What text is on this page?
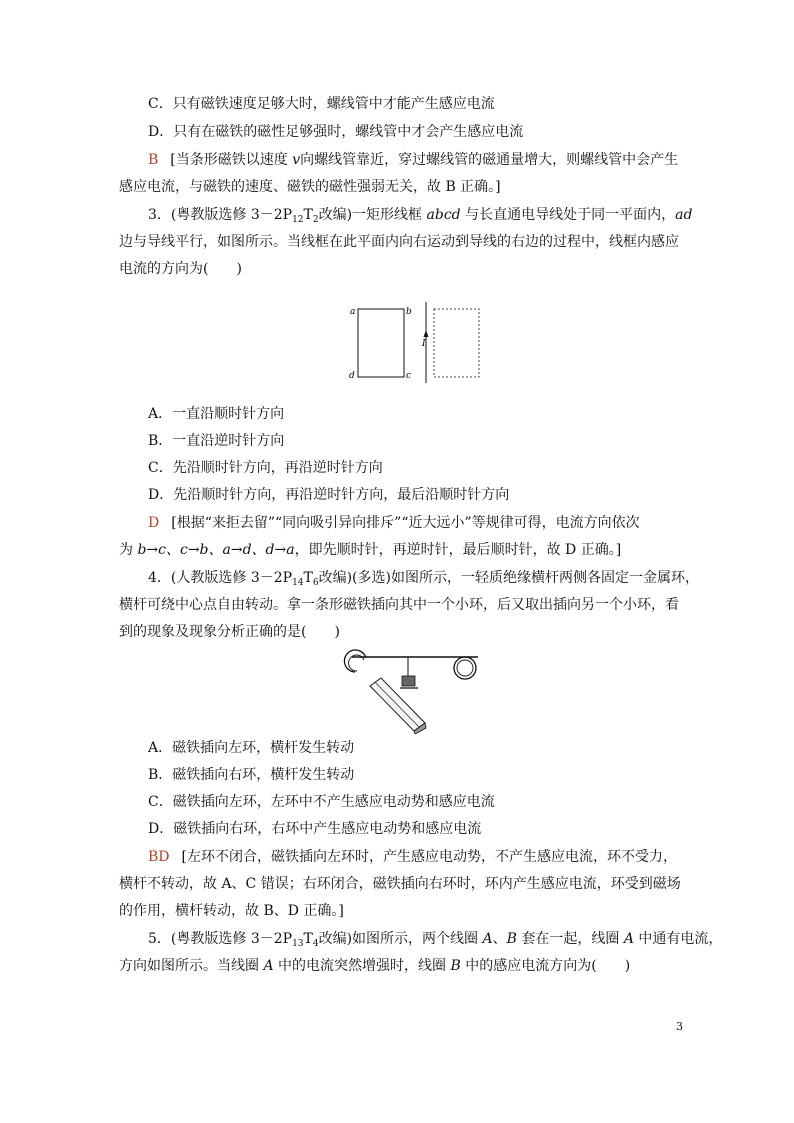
C．只有磁铁速度足够大时，螺线管中才能产生感应电流
D．只有在磁铁的磁性足够强时，螺线管中才会产生感应电流
B [当条形磁铁以速度 v向螺线管靠近，穿过螺线管的磁通量增大，则螺线管中会产生
感应电流，与磁铁的速度、磁铁的磁性强弱无关，故 B 正确。]
3．(粤教版选修 $3-2P_{12}T_2$改编)一矩形线框 abcd 与长直通电导线处于同一平面内，ad
边与导线平行，如图所示。当线框在此平面内向右运动到导线的右边的过程中，线框内感应
电流的方向为(　　)
a	b
c
d
I
A．一直沿顺时针方向
B．一直沿逆时针方向
C．先沿顺时针方向，再沿逆时针方向
D．先沿顺时针方向，再沿逆时针方向，最后沿顺时针方向
D [根据“来拒去留”“同向吸引异向排斥”“近大远小”等规律可得，电流方向依次
为 b→c、c→b、a→d、d→a，即先顺时针，再逆时针，最后顺时针，故 D 正确。]
4．(人教版选修 $3-2P_{14}T_6$改编)(多选)如图所示，一轻质绝缘横杆两侧各固定一金属环，
横杆可绕中心点自由转动。拿一条形磁铁插向其中一个小环，后又取出插向另一个小环，看
到的现象及现象分析正确的是(　　)
A．磁铁插向左环，横杆发生转动
B．磁铁插向右环，横杆发生转动
C．磁铁插向左环，左环中不产生感应电动势和感应电流
D．磁铁插向右环，右环中产生感应电动势和感应电流
BD [左环不闭合，磁铁插向左环时，产生感应电动势，不产生感应电流，环不受力，
横杆不转动，故 A、C 错误；右环闭合，磁铁插向右环时，环内产生感应电流，环受到磁场
的作用，横杆转动，故 B、D 正确。]
5．(粤教版选修 $3-2P_{13}T_4$改编)如图所示，两个线圈 A、B 套在一起，线圈 A 中通有电流，
方向如图所示。当线圈 A 中的电流突然增强时，线圈 B 中的感应电流方向为(　　)
3
